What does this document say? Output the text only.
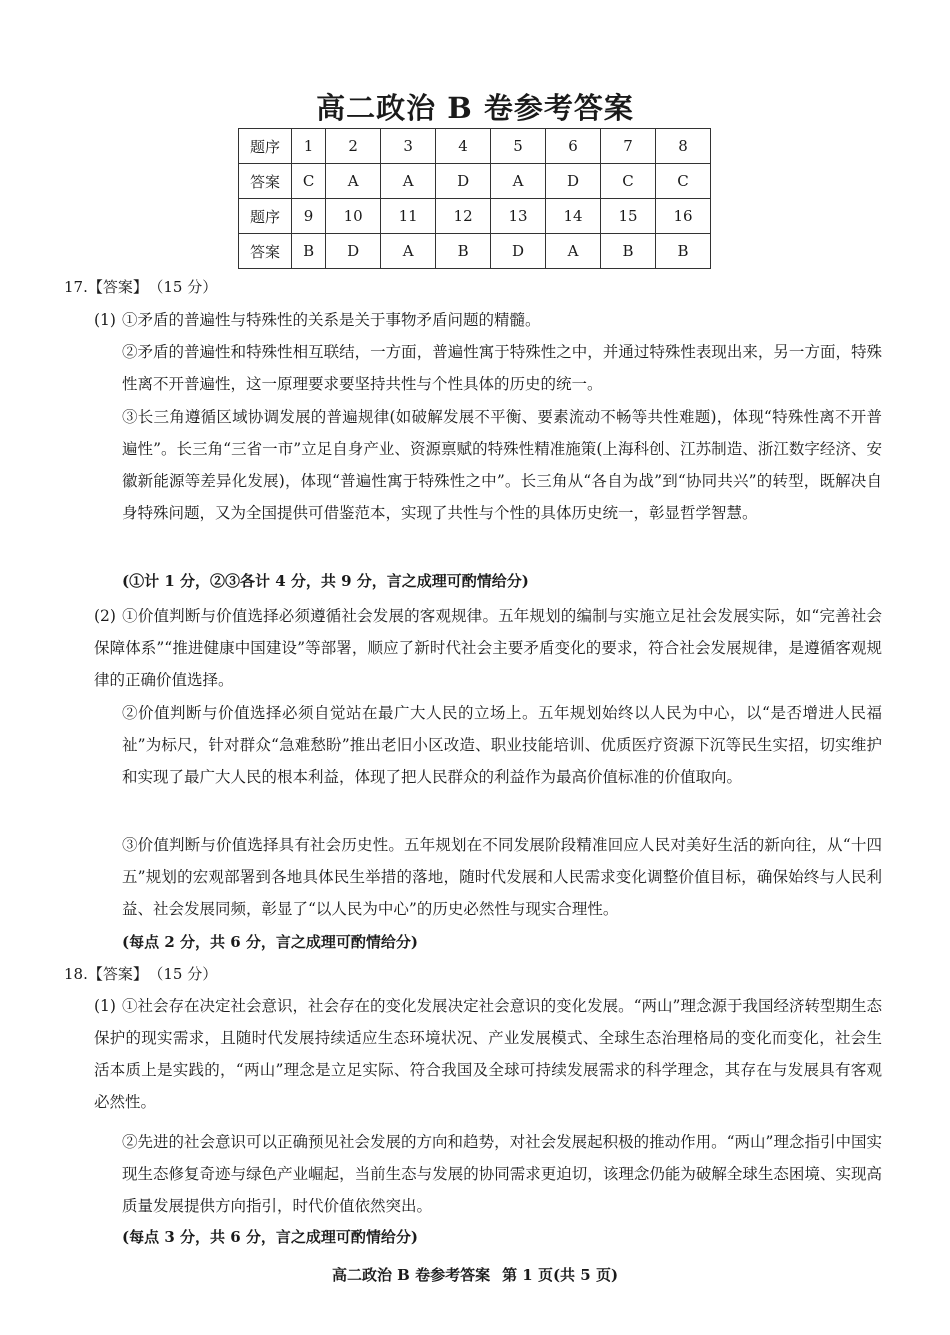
高二政治 B 卷参考答案
题序	1	2	3	4	5	6	7	8
答案	C	A	A	D	A	D	C	C
题序	9	10	11	12	13	14	15	16
答案	B	D	A	B	D	A	B	B
17.【答案】 （15 分）
(1) ①矛盾的普遍性与特殊性的关系是关于事物矛盾问题的精髓。
②矛盾的普遍性和特殊性相互联结，一方面，普遍性寓于特殊性之中，并通过特殊性表现出来，另一方面，特殊性离不开普遍性，这一原理要求要坚持共性与个性具体的历史的统一。
③长三角遵循区域协调发展的普遍规律(如破解发展不平衡、要素流动不畅等共性难题)，体现“特殊性离不开普遍性”。长三角“三省一市”立足自身产业、资源禀赋的特殊性精准施策(上海科创、江苏制造、浙江数字经济、安徽新能源等差异化发展)，体现“普遍性寓于特殊性之中”。长三角从“各自为战”到“协同共兴”的转型，既解决自身特殊问题，又为全国提供可借鉴范本，实现了共性与个性的具体历史统一，彰显哲学智慧。
(①计 1 分，②③各计 4 分，共 9 分，言之成理可酌情给分)
(2) ①价值判断与价值选择必须遵循社会发展的客观规律。五年规划的编制与实施立足社会发展实际，如“完善社会保障体系”“推进健康中国建设”等部署，顺应了新时代社会主要矛盾变化的要求，符合社会发展规律，是遵循客观规律的正确价值选择。
②价值判断与价值选择必须自觉站在最广大人民的立场上。五年规划始终以人民为中心，以“是否增进人民福祉”为标尺，针对群众“急难愁盼”推出老旧小区改造、职业技能培训、优质医疗资源下沉等民生实招，切实维护和实现了最广大人民的根本利益，体现了把人民群众的利益作为最高价值标准的价值取向。
③价值判断与价值选择具有社会历史性。五年规划在不同发展阶段精准回应人民对美好生活的新向往，从“十四五”规划的宏观部署到各地具体民生举措的落地，随时代发展和人民需求变化调整价值目标，确保始终与人民利益、社会发展同频，彰显了“以人民为中心”的历史必然性与现实合理性。
(每点 2 分，共 6 分，言之成理可酌情给分)
18.【答案】 （15 分）
(1) ①社会存在决定社会意识，社会存在的变化发展决定社会意识的变化发展。“两山”理念源于我国经济转型期生态保护的现实需求，且随时代发展持续适应生态环境状况、产业发展模式、全球生态治理格局的变化而变化，社会生活本质上是实践的，“两山”理念是立足实际、符合我国及全球可持续发展需求的科学理念，其存在与发展具有客观必然性。
②先进的社会意识可以正确预见社会发展的方向和趋势，对社会发展起积极的推动作用。“两山”理念指引中国实现生态修复奇迹与绿色产业崛起，当前生态与发展的协同需求更迫切，该理念仍能为破解全球生态困境、实现高质量发展提供方向指引，时代价值依然突出。
(每点 3 分，共 6 分，言之成理可酌情给分)
高二政治 B 卷参考答案 第 1 页(共 5 页)
